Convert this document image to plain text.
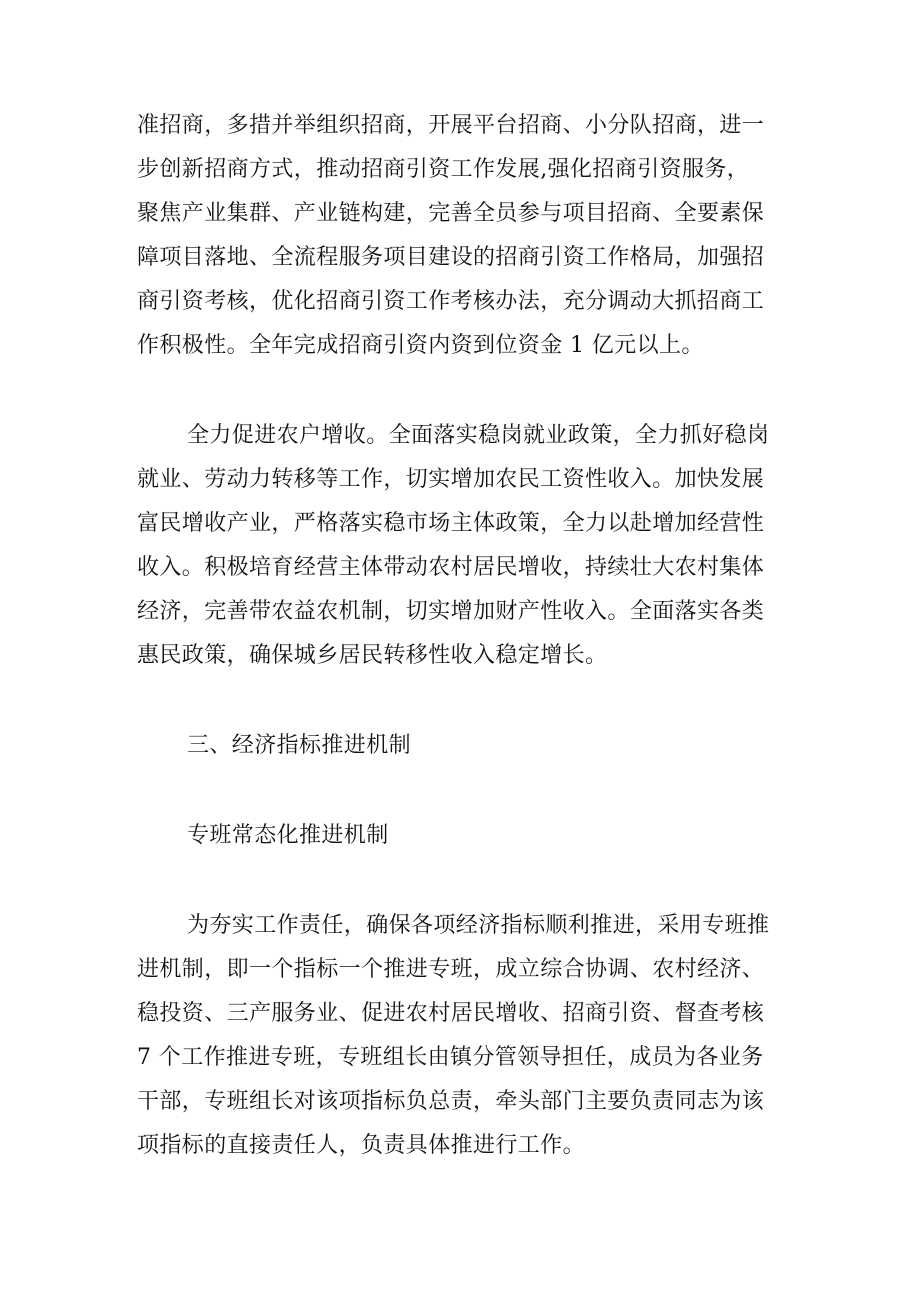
准招商，多措并举组织招商，开展平台招商、小分队招商，进一
步创新招商方式，推动招商引资工作发展,强化招商引资服务，
聚焦产业集群、产业链构建，完善全员参与项目招商、全要素保
障项目落地、全流程服务项目建设的招商引资工作格局，加强招
商引资考核，优化招商引资工作考核办法，充分调动大抓招商工
作积极性。全年完成招商引资内资到位资金 1 亿元以上。
全力促进农户增收。全面落实稳岗就业政策，全力抓好稳岗
就业、劳动力转移等工作，切实增加农民工资性收入。加快发展
富民增收产业，严格落实稳市场主体政策，全力以赴增加经营性
收入。积极培育经营主体带动农村居民增收，持续壮大农村集体
经济，完善带农益农机制，切实增加财产性收入。全面落实各类
惠民政策，确保城乡居民转移性收入稳定增长。
三、经济指标推进机制
专班常态化推进机制
为夯实工作责任，确保各项经济指标顺利推进，采用专班推
进机制，即一个指标一个推进专班，成立综合协调、农村经济、
稳投资、三产服务业、促进农村居民增收、招商引资、督查考核
7 个工作推进专班，专班组长由镇分管领导担任，成员为各业务
干部，专班组长对该项指标负总责，牵头部门主要负责同志为该
项指标的直接责任人，负责具体推进行工作。
